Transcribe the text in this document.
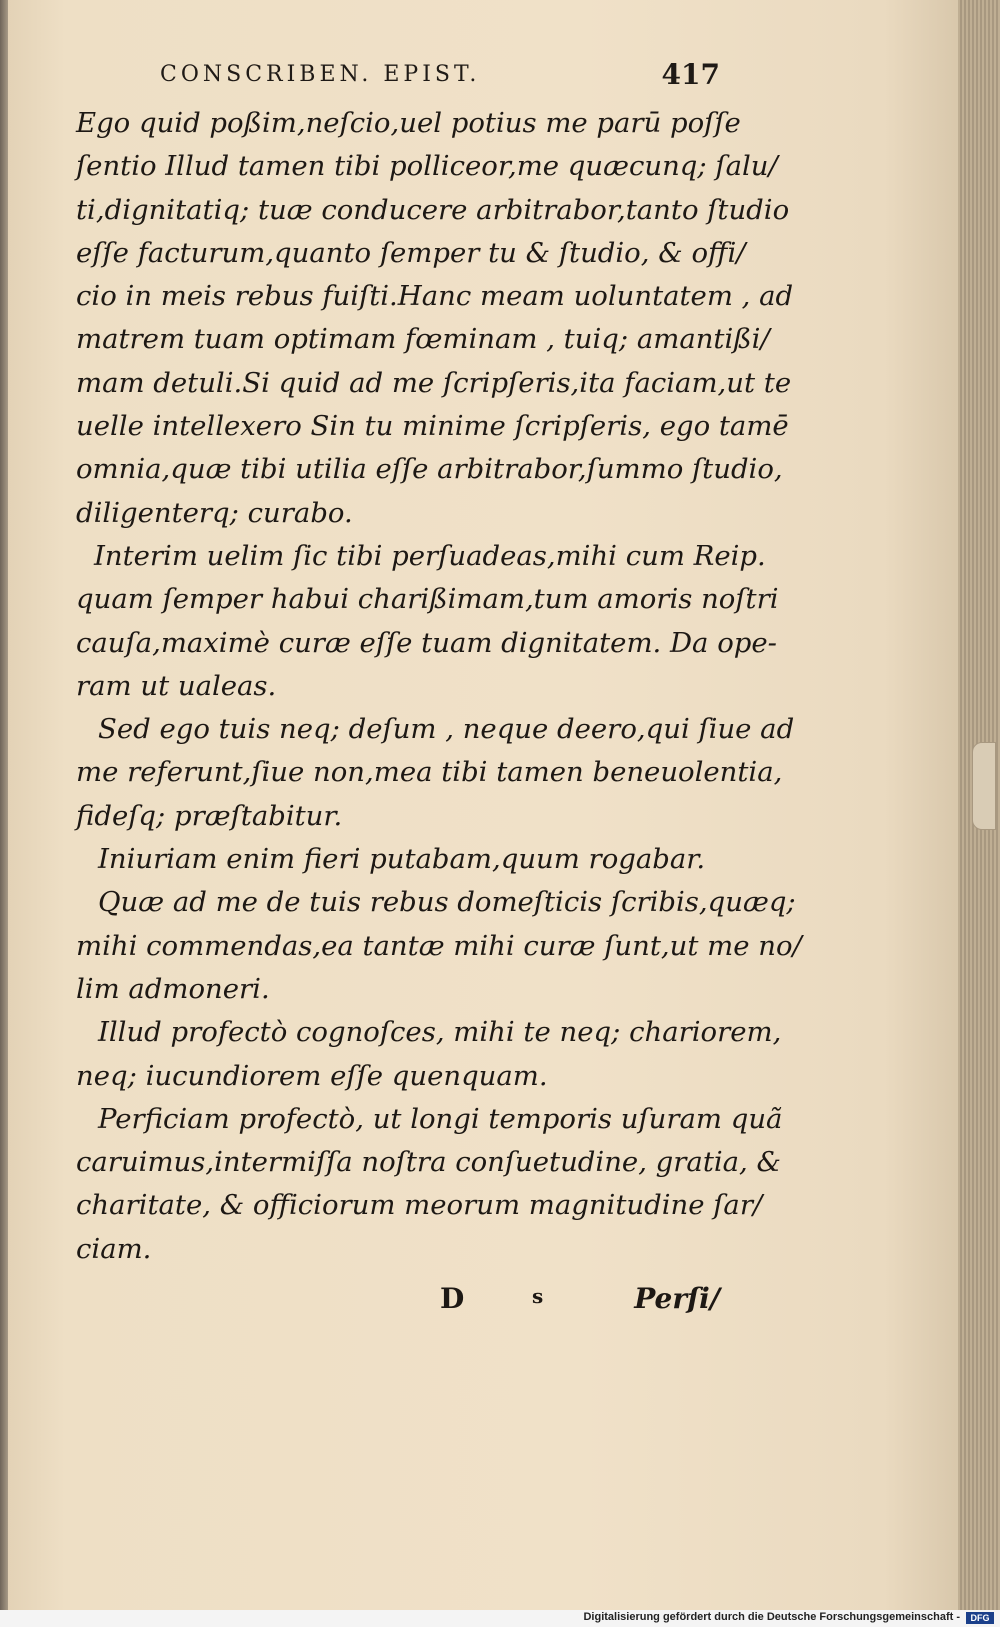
CONSCRIBEN. EPIST.	417
Ego quid poßim,neſcio,uel potius me parū poſſe
ſentio Illud tamen tibi polliceor,me quæcunq; ſalu/
ti,dignitatiq; tuæ conducere arbitrabor,tanto ſtudio
eſſe facturum,quanto ſemper tu & ſtudio, & offi/
cio in meis rebus fuiſti.Hanc meam uoluntatem , ad
matrem tuam optimam fœminam , tuiq; amantißi/
mam detuli.Si quid ad me ſcripſeris,ita faciam,ut te
uelle intellexero Sin tu minime ſcripſeris, ego tamē
omnia,quæ tibi utilia eſſe arbitrabor,ſummo ſtudio,
diligenterq; curabo.
Interim uelim ſic tibi perſuadeas,mihi cum Reip.
quam ſemper habui charißimam,tum amoris noſtri
cauſa,maximè curæ eſſe tuam dignitatem. Da ope-
ram ut ualeas.
Sed ego tuis neq; deſum , neque deero,qui ſiue ad
me referunt,ſiue non,mea tibi tamen beneuolentia,
fideſq; præſtabitur.
Iniuriam enim fieri putabam,quum rogabar.
Quæ ad me de tuis rebus domeſticis ſcribis,quæq;
mihi commendas,ea tantæ mihi curæ ſunt,ut me no/
lim admoneri.
Illud profectò cognoſces, mihi te neq; chariorem,
neq; iucundiorem eſſe quenquam.
Perficiam profectò, ut longi temporis uſuram quã
caruimus,intermiſſa noſtra conſuetudine, gratia, &
charitate, & officiorum meorum magnitudine ſar/
ciam.
D	s	Perſi/
Digitalisierung gefördert durch die Deutsche Forschungsgemeinschaft -	DFG
